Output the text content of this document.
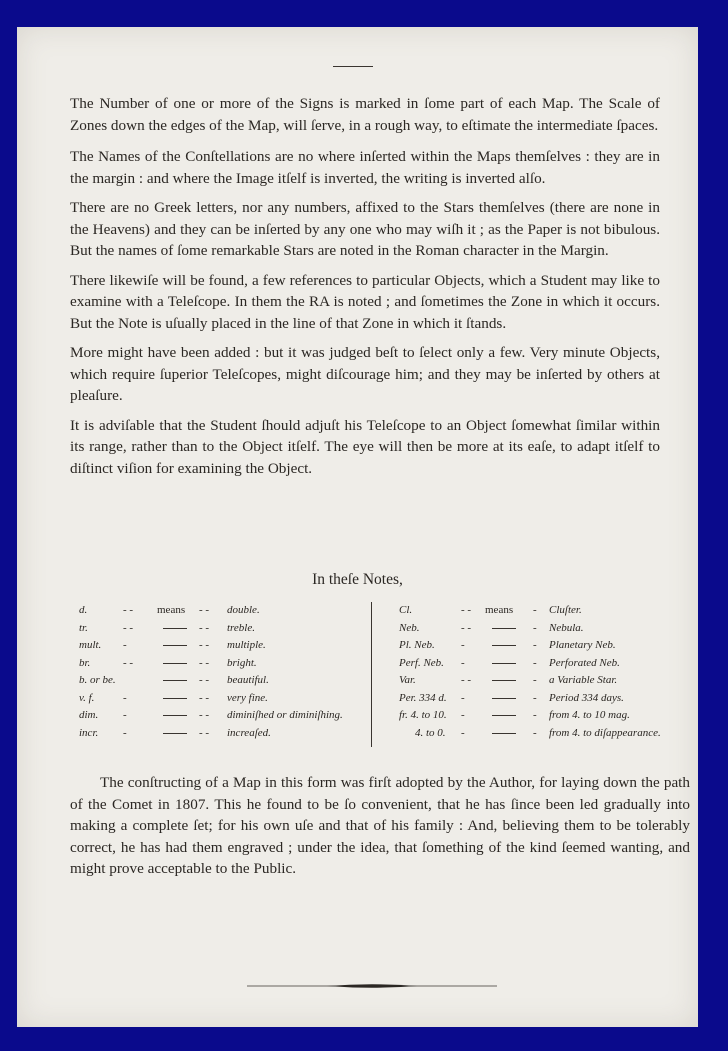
The Number of one or more of the Signs is marked in ſome part of each Map. The Scale of Zones down the edges of the Map, will ſerve, in a rough way, to eſtimate the intermediate ſpaces.

The Names of the Conſtellations are no where inſerted within the Maps themſelves : they are in the margin : and where the Image itſelf is inverted, the writing is inverted alſo.

There are no Greek letters, nor any numbers, affixed to the Stars themſelves (there are none in the Heavens) and they can be inſerted by any one who may wiſh it ; as the Paper is not bibulous. But the names of ſome remarkable Stars are noted in the Roman character in the Margin.

There likewiſe will be found, a few references to particular Objects, which a Student may like to examine with a Teleſcope. In them the RA is noted ; and ſometimes the Zone in which it occurs. But the Note is uſually placed in the line of that Zone in which it ſtands.

More might have been added : but it was judged beſt to ſelect only a few. Very minute Objects, which require ſuperior Teleſcopes, might diſcourage him; and they may be inſerted by others at pleaſure.

It is adviſable that the Student ſhould adjuſt his Teleſcope to an Object ſomewhat ſimilar within its range, rather than to the Object itſelf. The eye will then be more at its eaſe, to adapt itſelf to diſtinct viſion for examining the Object.

In theſe Notes,
d.	- - means - - double.
tr.	- -	- - treble.
mult. -	- - multiple.
br.	- -	- - bright.
b. or be.	- - beautiful.
v. f.	-	- - very fine.
dim. -	- - diminiſhed or diminiſhing.
incr. -	- - increaſed.
Cl.	- - means - Cluſter.
Neb.	- -	- Nebula.
Pl. Neb. -	- Planetary Neb.
Perf. Neb. -	- Perforated Neb.
Var.	- -	- a Variable Star.
Per. 334 d. -	- Period 334 days.
fr. 4. to 10. -	- from 4. to 10 mag.
4. to 0. -	- from 4. to diſappearance.

The conſtructing of a Map in this form was firſt adopted by the Author, for laying down the path of the Comet in 1807. This he found to be ſo convenient, that he has ſince been led gradually into making a complete ſet; for his own uſe and that of his family : And, believing them to be tolerably correct, he has had them engraved ; under the idea, that ſomething of the kind ſeemed wanting, and might prove acceptable to the Public.
